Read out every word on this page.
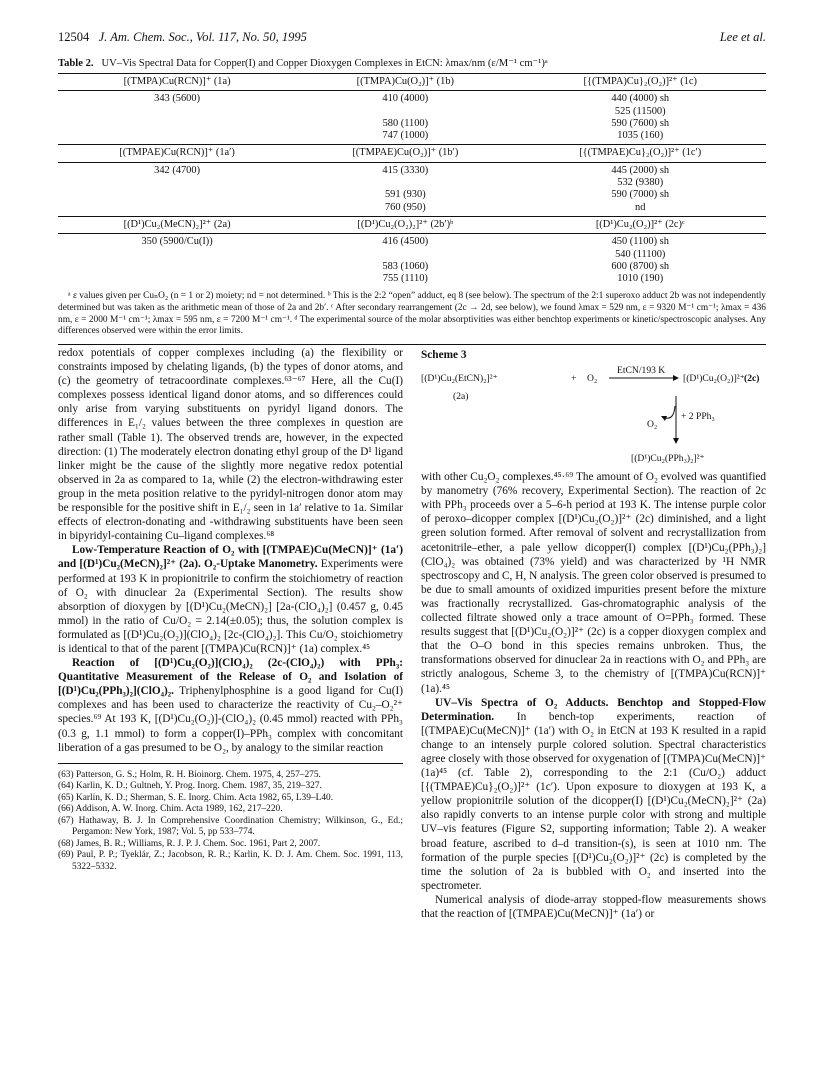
12504 J. Am. Chem. Soc., Vol. 117, No. 50, 1995	Lee et al.
Table 2. UV–Vis Spectral Data for Copper(I) and Copper Dioxygen Complexes in EtCN: λmax/nm (ε/M⁻¹ cm⁻¹)ᵃ
[(TMPA)Cu(RCN)]⁺ (1a)	[(TMPA)Cu(O₂)]⁺ (1b)	[{(TMPA)Cu}₂(O₂)]²⁺ (1c)
343 (5600)	410 (4000)	440 (4000) sh
		525 (11500)
	580 (1100)	590 (7600) sh
	747 (1000)	1035 (160)
[(TMPAE)Cu(RCN)]⁺ (1a′)	[(TMPAE)Cu(O₂)]⁺ (1b′)	[{(TMPAE)Cu}₂(O₂)]²⁺ (1c′)
342 (4700)	415 (3330)	445 (2000) sh
		532 (9380)
	591 (930)	590 (7000) sh
	760 (950)	nd
[(D¹)Cu₂(MeCN)₂]²⁺ (2a)	[(D¹)Cu₂(O₂)₂]²⁺ (2b′)ᵇ	[(D¹)Cu₂(O₂)]²⁺ (2c)ᶜ
350 (5900/Cu(I))	416 (4500)	450 (1100) sh
		540 (11100)
	583 (1060)	600 (8700) sh
	755 (1110)	1010 (190)
ᵃ ε values given per CuₙO₂ (n = 1 or 2) moiety; nd = not determined. ᵇ This is the 2:2 “open” adduct, eq 8 (see below). The spectrum of the 2:1 superoxo adduct 2b was not independently determined but was taken as the arithmetic mean of those of 2a and 2b′. ᶜ After secondary rearrangement (2c → 2d, see below), we found λmax = 529 nm, ε = 9320 M⁻¹ cm⁻¹; λmax = 436 nm, ε = 2000 M⁻¹ cm⁻¹; λmax = 595 nm, ε = 7200 M⁻¹ cm⁻¹. ᵈ The experimental source of the molar absorptivities was either benchtop experiments or kinetic/spectroscopic analyses. Any differences observed were within the error limits.

redox potentials of copper complexes including (a) the flexibility or constraints imposed by chelating ligands, (b) the types of donor atoms, and (c) the geometry of tetracoordinate complexes.⁶³⁻⁶⁷ Here, all the Cu(I) complexes possess identical ligand donor atoms, and so differences could only arise from varying substituents on pyridyl ligand donors. The differences in E₁/₂ values between the three complexes in question are rather small (Table 1). The observed trends are, however, in the expected direction: (1) The moderately electron donating ethyl group of the D¹ ligand linker might be the cause of the slightly more negative redox potential observed in 2a as compared to 1a, while (2) the electron-withdrawing ester group in the meta position relative to the pyridyl-nitrogen donor atom may be responsible for the positive shift in E₁/₂ seen in 1a′ relative to 1a. Similar effects of electron-donating and -withdrawing substituents have been seen in bipyridyl-containing Cu–ligand complexes.⁶⁸

Low-Temperature Reaction of O₂ with [(TMPAE)Cu(MeCN)]⁺ (1a′) and [(D¹)Cu₂(MeCN)₂]²⁺ (2a). O₂-Uptake Manometry. Experiments were performed at 193 K in propionitrile to confirm the stoichiometry of reaction of O₂ with dinuclear 2a (Experimental Section). The results show absorption of dioxygen by [(D¹)Cu₂(MeCN)₂] [2a-(ClO₄)₂] (0.457 g, 0.45 mmol) in the ratio of Cu/O₂ = 2.14(±0.05); thus, the solution complex is formulated as [(D¹)Cu₂(O₂)](ClO₄)₂ [2c-(ClO₄)₂]. This Cu/O₂ stoichiometry is identical to that of the parent [(TMPA)Cu(RCN)]⁺ (1a) complex.⁴⁵

Reaction of [(D¹)Cu₂(O₂)](ClO₄)₂ (2c-(ClO₄)₂) with PPh₃: Quantitative Measurement of the Release of O₂ and Isolation of [(D¹)Cu₂(PPh₃)₂](ClO₄)₂. Triphenylphosphine is a good ligand for Cu(I) complexes and has been used to characterize the reactivity of Cu₂–O₂²⁺ species.⁶⁹ At 193 K, [(D¹)Cu₂(O₂)]-(ClO₄)₂ (0.45 mmol) reacted with PPh₃ (0.3 g, 1.1 mmol) to form a copper(I)–PPh₃ complex with concomitant liberation of a gas presumed to be O₂, by analogy to the similar reaction

(63) Patterson, G. S.; Holm, R. H. Bioinorg. Chem. 1975, 4, 257–275.
(64) Karlin, K. D.; Gultneh, Y. Prog. Inorg. Chem. 1987, 35, 219–327.
(65) Karlin, K. D.; Sherman, S. E. Inorg. Chim. Acta 1982, 65, L39–L40.
(66) Addison, A. W. Inorg. Chim. Acta 1989, 162, 217–220.
(67) Hathaway, B. J. In Comprehensive Coordination Chemistry; Wilkinson, G., Ed.; Pergamon: New York, 1987; Vol. 5, pp 533–774.
(68) James, B. R.; Williams, R. J. P. J. Chem. Soc. 1961, Part 2, 2007.
(69) Paul, P. P.; Tyeklár, Z.; Jacobson, R. R.; Karlin, K. D. J. Am. Chem. Soc. 1991, 113, 5322–5332.
Scheme 3
[(D¹)Cu₂(EtCN)₂]²⁺
(2a)
+ O₂
EtCN/193 K
[(D¹)Cu₂(O₂)]²⁺ (2c)
+ 2 PPh₃
O₂
[(D¹)Cu₂(PPh₃)₂]²⁺

with other Cu₂O₂ complexes.⁴⁵·⁶⁹ The amount of O₂ evolved was quantified by manometry (76% recovery, Experimental Section). The reaction of 2c with PPh₃ proceeds over a 5–6-h period at 193 K. The intense purple color of peroxo–dicopper complex [(D¹)Cu₂(O₂)]²⁺ (2c) diminished, and a light green solution formed. After removal of solvent and recrystallization from acetonitrile–ether, a pale yellow dicopper(I) complex [(D¹)Cu₂(PPh₃)₂](ClO₄)₂ was obtained (73% yield) and was characterized by ¹H NMR spectroscopy and C, H, N analysis. The green color observed is presumed to be due to small amounts of oxidized impurities present before the mixture was fractionally recrystallized. Gas-chromatographic analysis of the collected filtrate showed only a trace amount of O=PPh₃ formed. These results suggest that [(D¹)Cu₂(O₂)]²⁺ (2c) is a copper dioxygen complex and that the O–O bond in this species remains unbroken. Thus, the transformations observed for dinuclear 2a in reactions with O₂ and PPh₃ are strictly analogous, Scheme 3, to the chemistry of [(TMPA)Cu(RCN)]⁺ (1a).⁴⁵

UV–Vis Spectra of O₂ Adducts. Benchtop and Stopped-Flow Determination. In bench-top experiments, reaction of [(TMPAE)Cu(MeCN)]⁺ (1a′) with O₂ in EtCN at 193 K resulted in a rapid change to an intensely purple colored solution. Spectral characteristics agree closely with those observed for oxygenation of [(TMPA)Cu(MeCN)]⁺ (1a)⁴⁵ (cf. Table 2), corresponding to the 2:1 (Cu/O₂) adduct [{(TMPAE)Cu}₂(O₂)]²⁺ (1c′). Upon exposure to dioxygen at 193 K, a yellow propionitrile solution of the dicopper(I) [(D¹)Cu₂(MeCN)₂]²⁺ (2a) also rapidly converts to an intense purple color with strong and multiple UV–vis features (Figure S2, supporting information; Table 2). A weaker broad feature, ascribed to d–d transition-(s), is seen at 1010 nm. The formation of the purple species [(D¹)Cu₂(O₂)]²⁺ (2c) is completed by the time the solution of 2a is bubbled with O₂ and inserted into the spectrometer.

Numerical analysis of diode-array stopped-flow measurements shows that the reaction of [(TMPAE)Cu(MeCN)]⁺ (1a′) or
